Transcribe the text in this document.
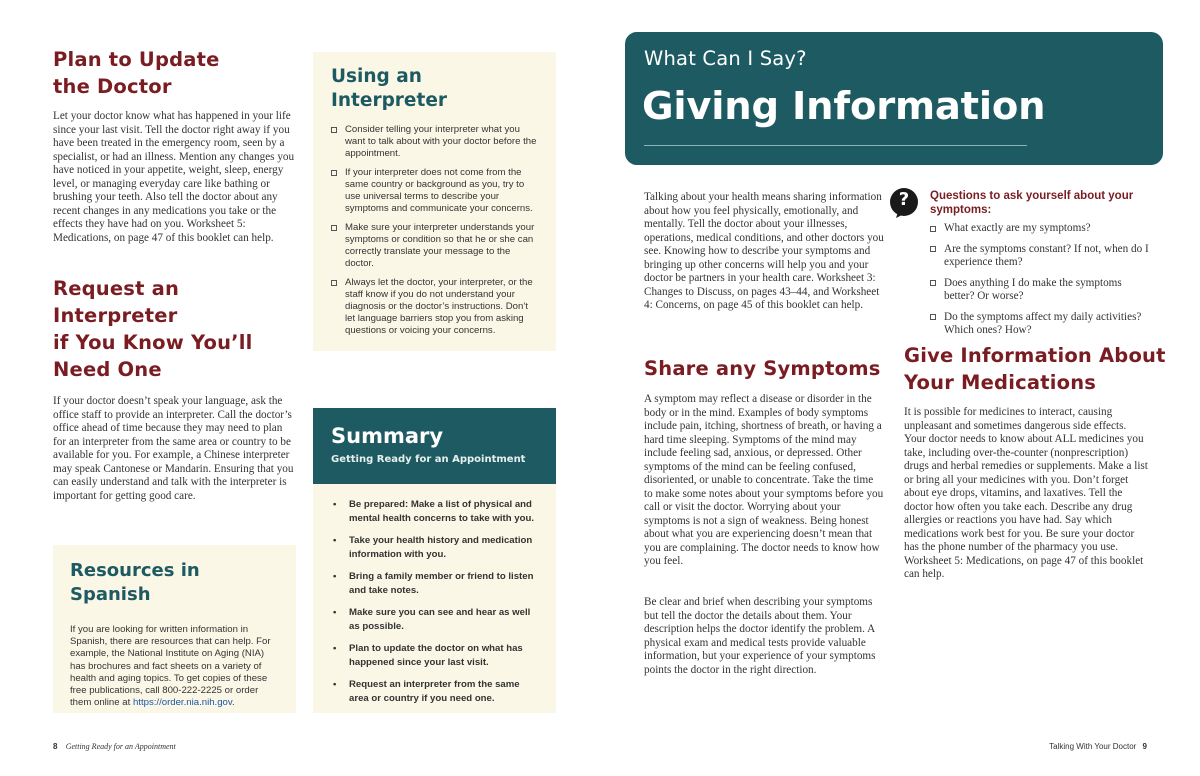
Plan to Update
the Doctor

Let your doctor know what has happened in your life since your last visit. Tell the doctor right away if you have been treated in the emergency room, seen by a specialist, or had an illness. Mention any changes you have noticed in your appetite, weight, sleep, energy level, or managing everyday care like bathing or brushing your teeth. Also tell the doctor about any recent changes in any medications you take or the effects they have had on you. Worksheet 5: Medications, on page 47 of this booklet can help.

Request an Interpreter
if You Know You’ll
Need One

If your doctor doesn’t speak your language, ask the office staff to provide an interpreter. Call the doctor’s office ahead of time because they may need to plan for an interpreter from the same area or country to be available for you. For example, a Chinese interpreter may speak Cantonese or Mandarin. Ensuring that you can easily understand and talk with the interpreter is important for getting good care.

Resources in Spanish

If you are looking for written information in Spanish, there are resources that can help. For example, the National Institute on Aging (NIA) has brochures and fact sheets on a variety of health and aging topics. To get copies of these free publications, call 800-222-2225 or order them online at https://order.nia.nih.gov.

Using an Interpreter
Consider telling your interpreter what you want to talk about with your doctor before the appointment.
If your interpreter does not come from the same country or background as you, try to use universal terms to describe your symptoms and communicate your concerns.
Make sure your interpreter understands your symptoms or condition so that he or she can correctly translate your message to the doctor.
Always let the doctor, your interpreter, or the staff know if you do not understand your diagnosis or the doctor’s instructions. Don’t let language barriers stop you from asking questions or voicing your concerns.
Summary
Getting Ready for an Appointment
• Be prepared: Make a list of physical and mental health concerns to take with you.
• Take your health history and medication information with you.
• Bring a family member or friend to listen and take notes.
• Make sure you can see and hear as well as possible.
• Plan to update the doctor on what has happened since your last visit.
• Request an interpreter from the same area or country if you need one.
8 Getting Ready for an Appointment
What Can I Say?
Giving Information

Talking about your health means sharing information about how you feel physically, emotionally, and mentally. Tell the doctor about your illnesses, operations, medical conditions, and other doctors you see. Knowing how to describe your symptoms and bringing up other concerns will help you and your doctor be partners in your health care. Worksheet 3: Changes to Discuss, on pages 43–44, and Worksheet 4: Concerns, on page 45 of this booklet can help.

Share any Symptoms

A symptom may reflect a disease or disorder in the body or in the mind. Examples of body symptoms include pain, itching, shortness of breath, or having a hard time sleeping. Symptoms of the mind may include feeling sad, anxious, or depressed. Other symptoms of the mind can be feeling confused, disoriented, or unable to concentrate. Take the time to make some notes about your symptoms before you call or visit the doctor. Worrying about your symptoms is not a sign of weakness. Being honest about what you are experiencing doesn’t mean that you are complaining. The doctor needs to know how you feel.

Be clear and brief when describing your symptoms but tell the doctor the details about them. Your description helps the doctor identify the problem. A physical exam and medical tests provide valuable information, but your experience of your symptoms points the doctor in the right direction.

?	Questions to ask yourself about your symptoms:
What exactly are my symptoms?
Are the symptoms constant? If not, when do I experience them?
Does anything I do make the symptoms better? Or worse?
Do the symptoms affect my daily activities? Which ones? How?
Give Information About
Your Medications

It is possible for medicines to interact, causing unpleasant and sometimes dangerous side effects. Your doctor needs to know about ALL medicines you take, including over-the-counter (nonprescription) drugs and herbal remedies or supplements. Make a list or bring all your medicines with you. Don’t forget about eye drops, vitamins, and laxatives. Tell the doctor how often you take each. Describe any drug allergies or reactions you have had. Say which medications work best for you. Be sure your doctor has the phone number of the pharmacy you use. Worksheet 5: Medications, on page 47 of this booklet can help.

Talking With Your Doctor 9
